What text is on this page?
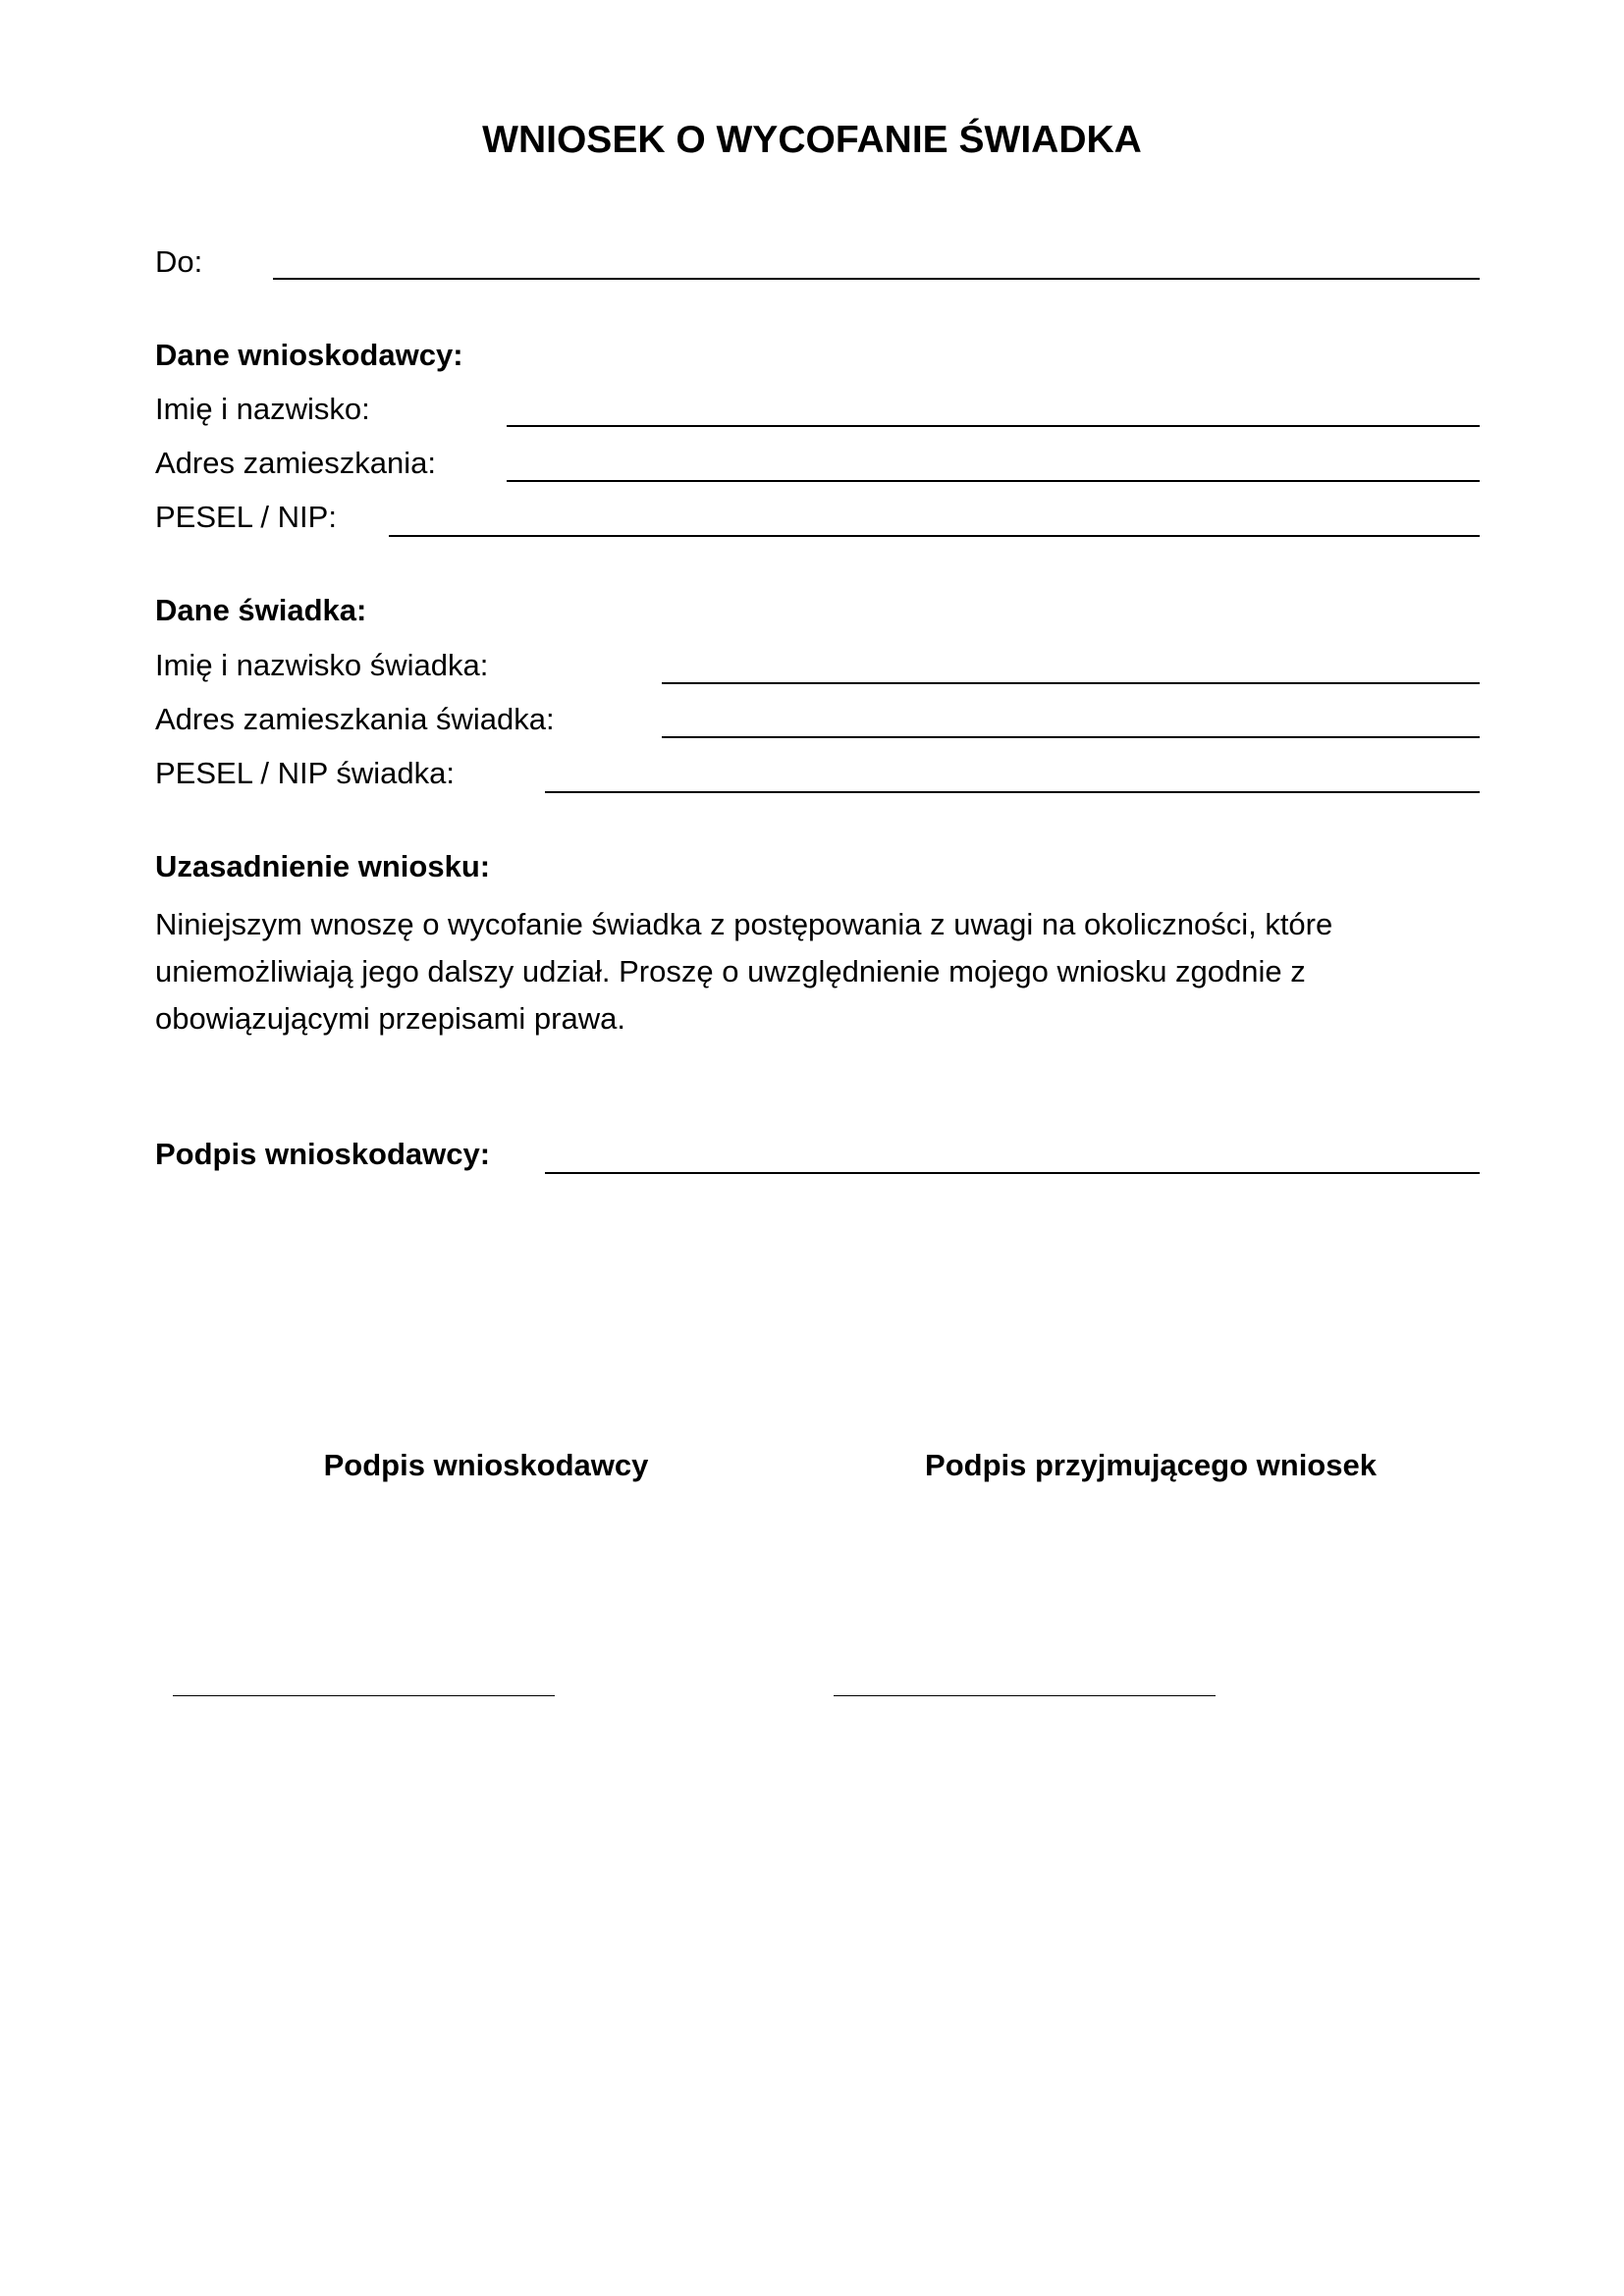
WNIOSEK O WYCOFANIE ŚWIADKA
Do:
Dane wnioskodawcy:
Imię i nazwisko:
Adres zamieszkania:
PESEL / NIP:
Dane świadka:
Imię i nazwisko świadka:
Adres zamieszkania świadka:
PESEL / NIP świadka:
Uzasadnienie wniosku:
Niniejszym wnoszę o wycofanie świadka z postępowania z uwagi na okoliczności, które
uniemożliwiają jego dalszy udział. Proszę o uwzględnienie mojego wniosku zgodnie z
obowiązującymi przepisami prawa.
Podpis wnioskodawcy:
Podpis wnioskodawcy	Podpis przyjmującego wniosek
